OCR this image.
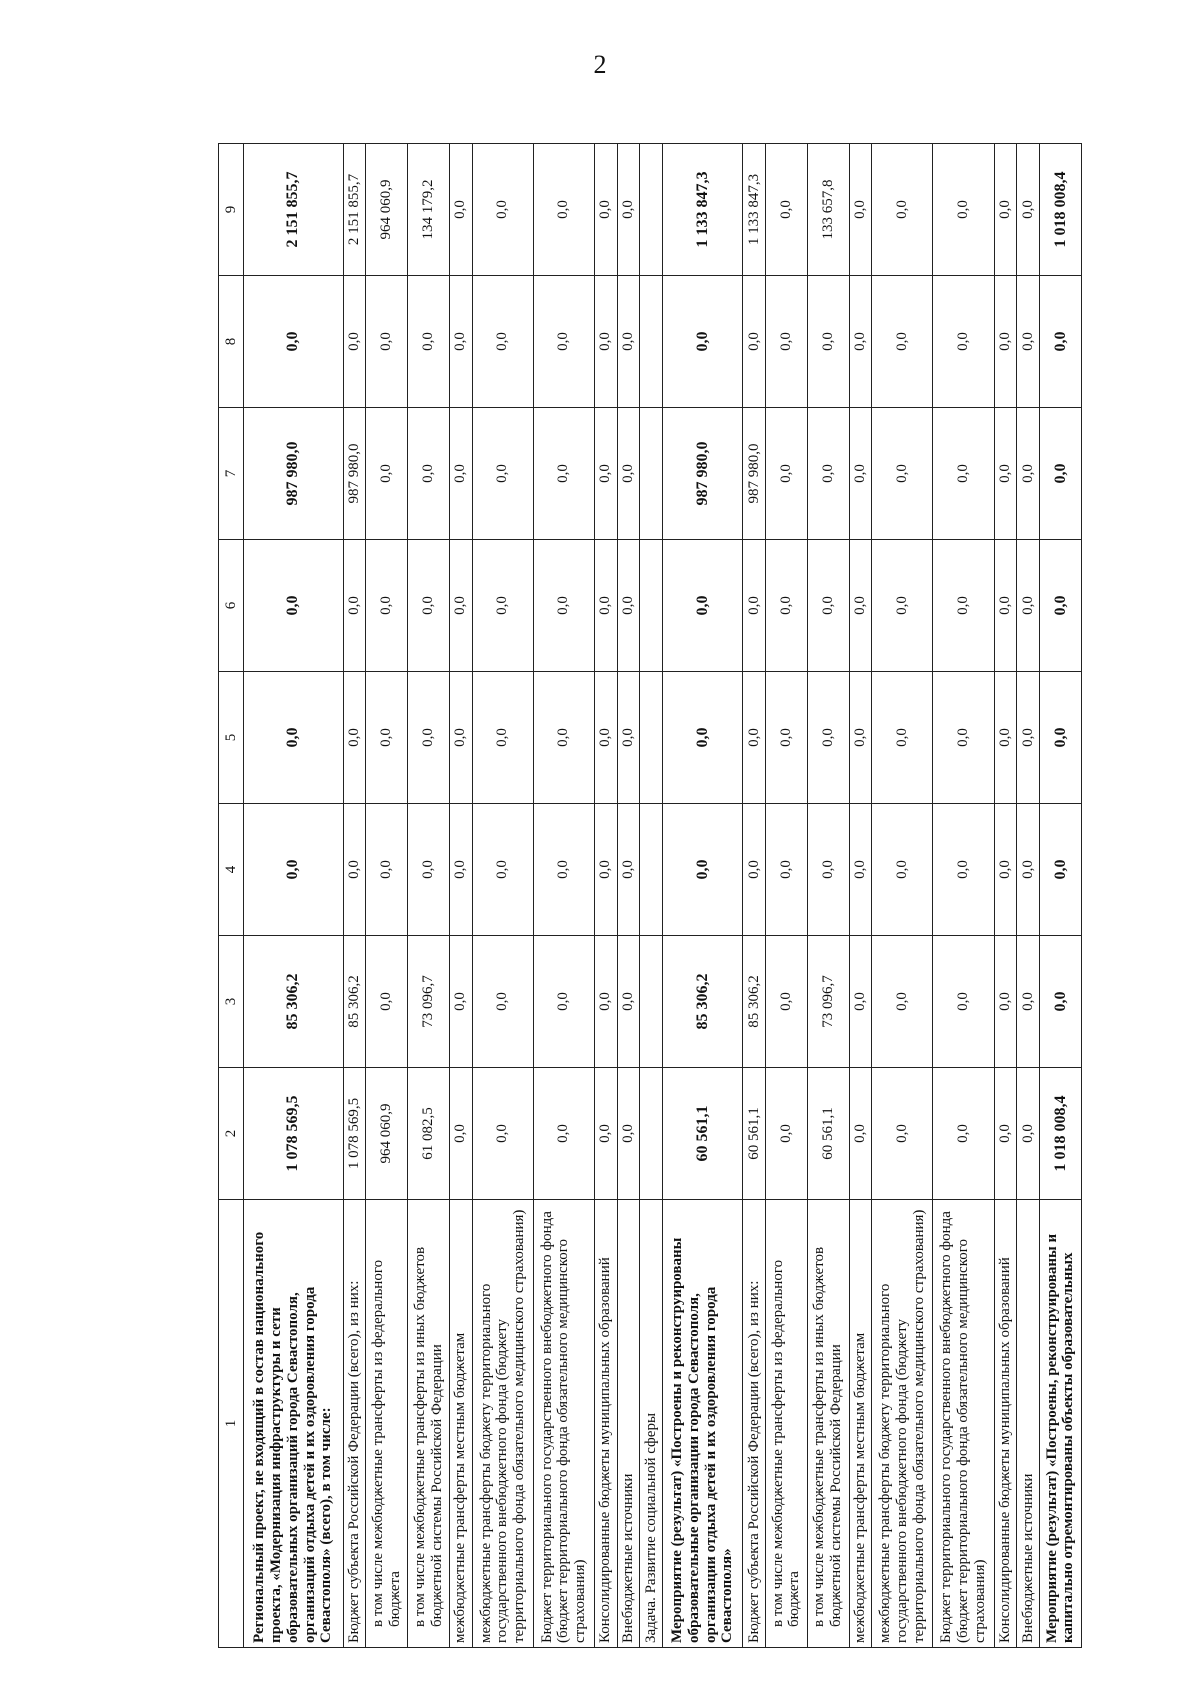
2
1	2	3	4	5	6	7	8	9
Региональный проект, не входящий в состав национального проекта, «Модернизация инфраструктуры и сети образовательных организаций города Севастополя, организаций отдыха детей и их оздоровления города Севастополя» (всего), в том числе:	1 078 569,5	85 306,2	0,0	0,0	0,0	987 980,0	0,0	2 151 855,7
Бюджет субъекта Российской Федерации (всего), из них:	1 078 569,5	85 306,2	0,0	0,0	0,0	987 980,0	0,0	2 151 855,7
в том числе межбюджетные трансферты из федерального бюджета	964 060,9	0,0	0,0	0,0	0,0	0,0	0,0	964 060,9
в том числе межбюджетные трансферты из иных бюджетов бюджетной системы Российской Федерации	61 082,5	73 096,7	0,0	0,0	0,0	0,0	0,0	134 179,2
межбюджетные трансферты местным бюджетам	0,0	0,0	0,0	0,0	0,0	0,0	0,0	0,0
межбюджетные трансферты бюджету территориального государственного внебюджетного фонда (бюджету территориального фонда обязательного медицинского страхования)	0,0	0,0	0,0	0,0	0,0	0,0	0,0	0,0
Бюджет территориального государственного внебюджетного фонда (бюджет территориального фонда обязательного медицинского страхования)	0,0	0,0	0,0	0,0	0,0	0,0	0,0	0,0
Консолидированные бюджеты муниципальных образований	0,0	0,0	0,0	0,0	0,0	0,0	0,0	0,0
Внебюджетные источники	0,0	0,0	0,0	0,0	0,0	0,0	0,0	0,0
Задача. Развитие социальной сферы								
Мероприятие (результат) «Построены и реконструированы образовательные организации города Севастополя, организации отдыха детей и их оздоровления города Севастополя»	60 561,1	85 306,2	0,0	0,0	0,0	987 980,0	0,0	1 133 847,3
Бюджет субъекта Российской Федерации (всего), из них:	60 561,1	85 306,2	0,0	0,0	0,0	987 980,0	0,0	1 133 847,3
в том числе межбюджетные трансферты из федерального бюджета	0,0	0,0	0,0	0,0	0,0	0,0	0,0	0,0
в том числе межбюджетные трансферты из иных бюджетов бюджетной системы Российской Федерации	60 561,1	73 096,7	0,0	0,0	0,0	0,0	0,0	133 657,8
межбюджетные трансферты местным бюджетам	0,0	0,0	0,0	0,0	0,0	0,0	0,0	0,0
межбюджетные трансферты бюджету территориального государственного внебюджетного фонда (бюджету территориального фонда обязательного медицинского страхования)	0,0	0,0	0,0	0,0	0,0	0,0	0,0	0,0
Бюджет территориального государственного внебюджетного фонда (бюджет территориального фонда обязательного медицинского страхования)	0,0	0,0	0,0	0,0	0,0	0,0	0,0	0,0
Консолидированные бюджеты муниципальных образований	0,0	0,0	0,0	0,0	0,0	0,0	0,0	0,0
Внебюджетные источники	0,0	0,0	0,0	0,0	0,0	0,0	0,0	0,0
Мероприятие (результат) «Построены, реконструированы и капитально отремонтированы объекты образовательных	1 018 008,4	0,0	0,0	0,0	0,0	0,0	0,0	1 018 008,4
